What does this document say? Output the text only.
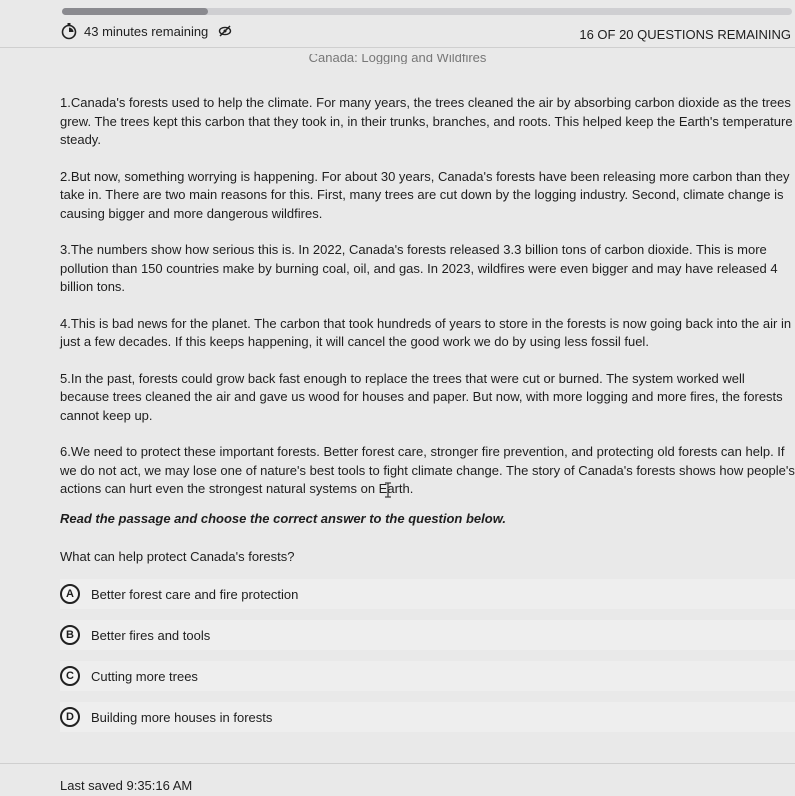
43 minutes remaining	16 OF 20 QUESTIONS REMAINING
Canada: Logging and Wildfires

1.Canada's forests used to help the climate. For many years, the trees cleaned the air by absorbing carbon dioxide as the trees grew. The trees kept this carbon that they took in, in their trunks, branches, and roots. This helped keep the Earth's temperature steady.

2.But now, something worrying is happening. For about 30 years, Canada's forests have been releasing more carbon than they take in. There are two main reasons for this. First, many trees are cut down by the logging industry. Second, climate change is causing bigger and more dangerous wildfires.

3.The numbers show how serious this is. In 2022, Canada's forests released 3.3 billion tons of carbon dioxide. This is more pollution than 150 countries make by burning coal, oil, and gas. In 2023, wildfires were even bigger and may have released 4 billion tons.

4.This is bad news for the planet. The carbon that took hundreds of years to store in the forests is now going back into the air in just a few decades. If this keeps happening, it will cancel the good work we do by using less fossil fuel.

5.In the past, forests could grow back fast enough to replace the trees that were cut or burned. The system worked well because trees cleaned the air and gave us wood for houses and paper. But now, with more logging and more fires, the forests cannot keep up.

6.We need to protect these important forests. Better forest care, stronger fire prevention, and protecting old forests can help. If we do not act, we may lose one of nature's best tools to fight climate change. The story of Canada's forests shows how people's actions can hurt even the strongest natural systems on Earth.

Read the passage and choose the correct answer to the question below.
What can help protect Canada's forests?
A	Better forest care and fire protection
B	Better fires and tools
C	Cutting more trees
D	Building more houses in forests
Last saved 9:35:16 AM
